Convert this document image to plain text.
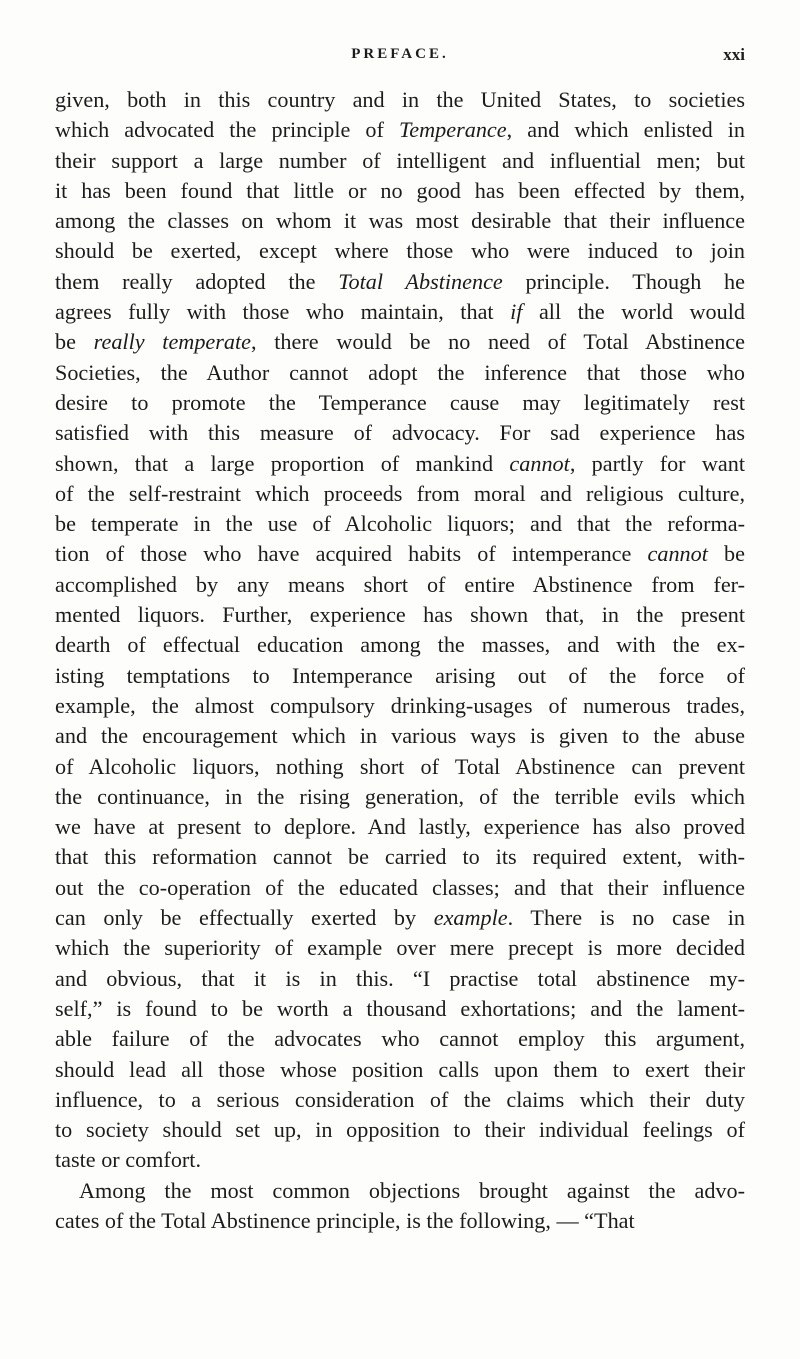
PREFACE.	xxi
given, both in this country and in the United States, to societies
which advocated the principle of Temperance, and which enlisted in
their support a large number of intelligent and influential men; but
it has been found that little or no good has been effected by them,
among the classes on whom it was most desirable that their influence
should be exerted, except where those who were induced to join
them really adopted the Total Abstinence principle. Though he
agrees fully with those who maintain, that if all the world would
be really temperate, there would be no need of Total Abstinence
Societies, the Author cannot adopt the inference that those who
desire to promote the Temperance cause may legitimately rest
satisfied with this measure of advocacy. For sad experience has
shown, that a large proportion of mankind cannot, partly for want
of the self-restraint which proceeds from moral and religious culture,
be temperate in the use of Alcoholic liquors; and that the reforma-
tion of those who have acquired habits of intemperance cannot be
accomplished by any means short of entire Abstinence from fer-
mented liquors. Further, experience has shown that, in the present
dearth of effectual education among the masses, and with the ex-
isting temptations to Intemperance arising out of the force of
example, the almost compulsory drinking-usages of numerous trades,
and the encouragement which in various ways is given to the abuse
of Alcoholic liquors, nothing short of Total Abstinence can prevent
the continuance, in the rising generation, of the terrible evils which
we have at present to deplore. And lastly, experience has also proved
that this reformation cannot be carried to its required extent, with-
out the co-operation of the educated classes; and that their influence
can only be effectually exerted by example. There is no case in
which the superiority of example over mere precept is more decided
and obvious, that it is in this. “I practise total abstinence my-
self,” is found to be worth a thousand exhortations; and the lament-
able failure of the advocates who cannot employ this argument,
should lead all those whose position calls upon them to exert their
influence, to a serious consideration of the claims which their duty
to society should set up, in opposition to their individual feelings of
taste or comfort.
Among the most common objections brought against the advo-
cates of the Total Abstinence principle, is the following, — “That
